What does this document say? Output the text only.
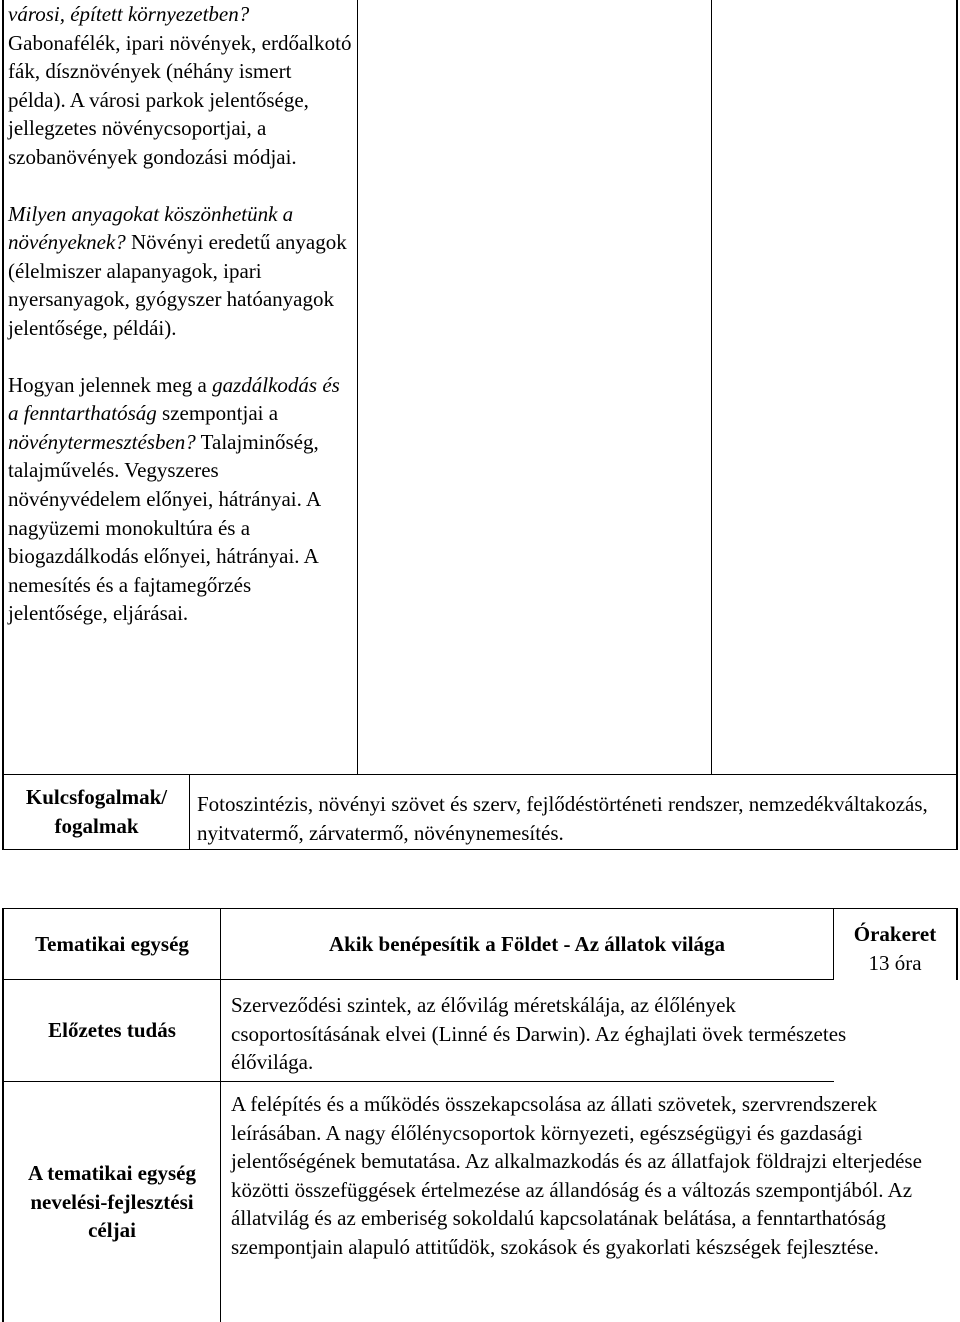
városi, épített környezetben? Gabonafélék, ipari növények, erdőalkotó fák, dísznövények (néhány ismert példa). A városi parkok jelentősége, jellegzetes növénycsoportjai, a szobanövények gondozási módjai.

Milyen anyagokat köszönhetünk a növényeknek? Növényi eredetű anyagok (élelmiszer alapanyagok, ipari nyersanyagok, gyógyszer hatóanyagok jelentősége, példái).

Hogyan jelennek meg a gazdálkodás és a fenntarthatóság szempontjai a növénytermesztésben? Talajminőség, talajművelés. Vegyszeres növényvédelem előnyei, hátrányai. A nagyüzemi monokultúra és a biogazdálkodás előnyei, hátrányai. A nemesítés és a fajtamegőrzés jelentősége, eljárásai.

Kulcsfogalmak/ fogalmak
Fotoszintézis, növényi szövet és szerv, fejlődéstörténeti rendszer, nemzedékváltakozás, nyitvatermő, zárvatermő, növénynemesítés.
Tematikai egység	Akik benépesítik a Földet - Az állatok világa	Órakeret
13 óra
Előzetes tudás
Szerveződési szintek, az élővilág méretskálája, az élőlények csoportosításának elvei (Linné és Darwin). Az éghajlati övek természetes élővilága.
A tematikai egység nevelési-fejlesztési céljai
A felépítés és a működés összekapcsolása az állati szövetek, szervrendszerek leírásában. A nagy élőlénycsoportok környezeti, egészségügyi és gazdasági jelentőségének bemutatása. Az alkalmazkodás és az állatfajok földrajzi elterjedése közötti összefüggések értelmezése az állandóság és a változás szempontjából. Az állatvilág és az emberiség sokoldalú kapcsolatának belátása, a fenntarthatóság szempontjain alapuló attitűdök, szokások és gyakorlati készségek fejlesztése.
